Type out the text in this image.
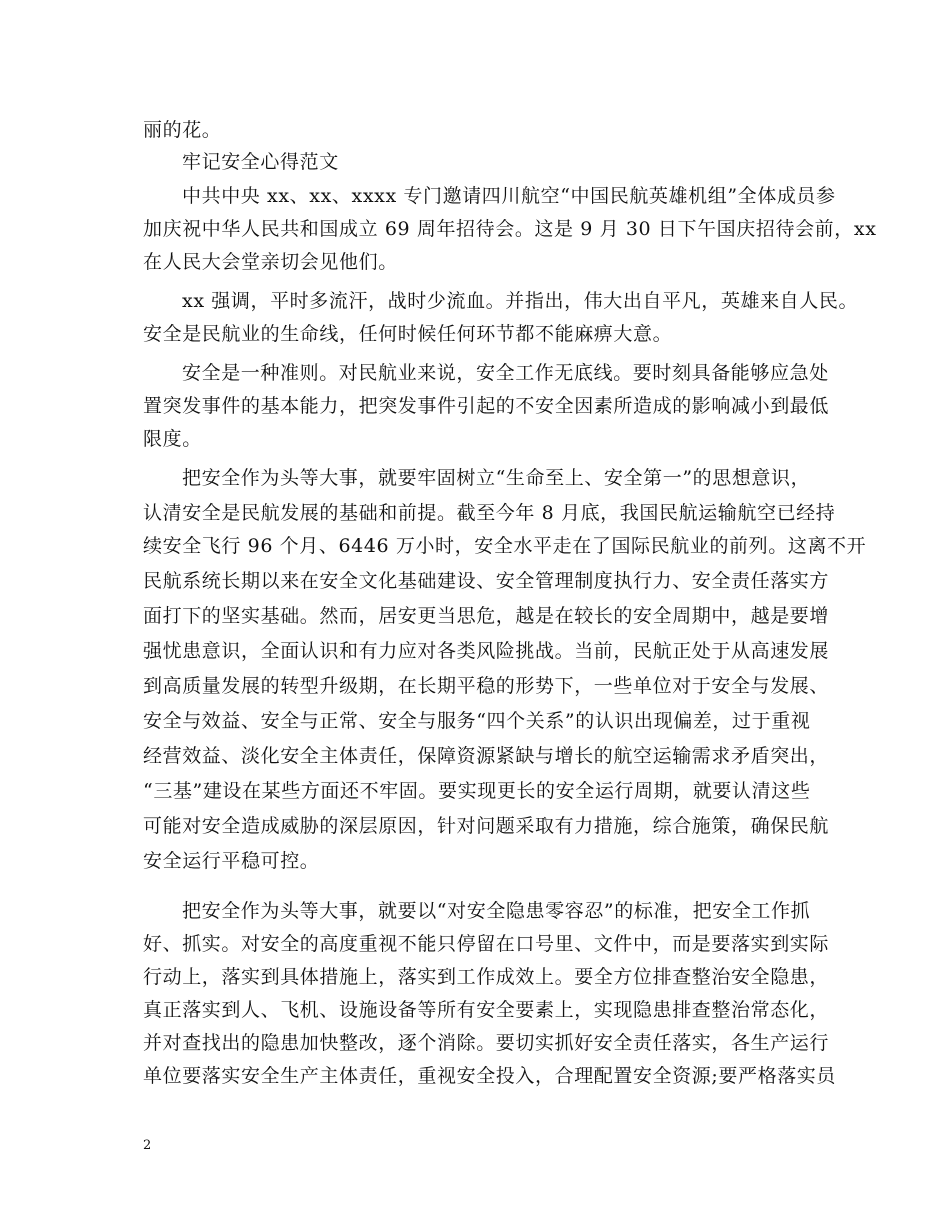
丽的花。
牢记安全心得范文
中共中央 xx、xx、xxxx 专门邀请四川航空“中国民航英雄机组”全体成员参
加庆祝中华人民共和国成立 69 周年招待会。这是 9 月 30 日下午国庆招待会前，xx
在人民大会堂亲切会见他们。
xx 强调，平时多流汗，战时少流血。并指出，伟大出自平凡，英雄来自人民。
安全是民航业的生命线，任何时候任何环节都不能麻痹大意。
安全是一种准则。对民航业来说，安全工作无底线。要时刻具备能够应急处
置突发事件的基本能力，把突发事件引起的不安全因素所造成的影响减小到最低
限度。
把安全作为头等大事，就要牢固树立“生命至上、安全第一”的思想意识，
认清安全是民航发展的基础和前提。截至今年 8 月底，我国民航运输航空已经持
续安全飞行 96 个月、6446 万小时，安全水平走在了国际民航业的前列。这离不开
民航系统长期以来在安全文化基础建设、安全管理制度执行力、安全责任落实方
面打下的坚实基础。然而，居安更当思危，越是在较长的安全周期中，越是要增
强忧患意识，全面认识和有力应对各类风险挑战。当前，民航正处于从高速发展
到高质量发展的转型升级期，在长期平稳的形势下，一些单位对于安全与发展、
安全与效益、安全与正常、安全与服务“四个关系”的认识出现偏差，过于重视
经营效益、淡化安全主体责任，保障资源紧缺与增长的航空运输需求矛盾突出，
“三基”建设在某些方面还不牢固。要实现更长的安全运行周期，就要认清这些
可能对安全造成威胁的深层原因，针对问题采取有力措施，综合施策，确保民航
安全运行平稳可控。
把安全作为头等大事，就要以“对安全隐患零容忍”的标准，把安全工作抓
好、抓实。对安全的高度重视不能只停留在口号里、文件中，而是要落实到实际
行动上，落实到具体措施上，落实到工作成效上。要全方位排查整治安全隐患，
真正落实到人、飞机、设施设备等所有安全要素上，实现隐患排查整治常态化，
并对查找出的隐患加快整改，逐个消除。要切实抓好安全责任落实，各生产运行
单位要落实安全生产主体责任，重视安全投入，合理配置安全资源;要严格落实员
2
